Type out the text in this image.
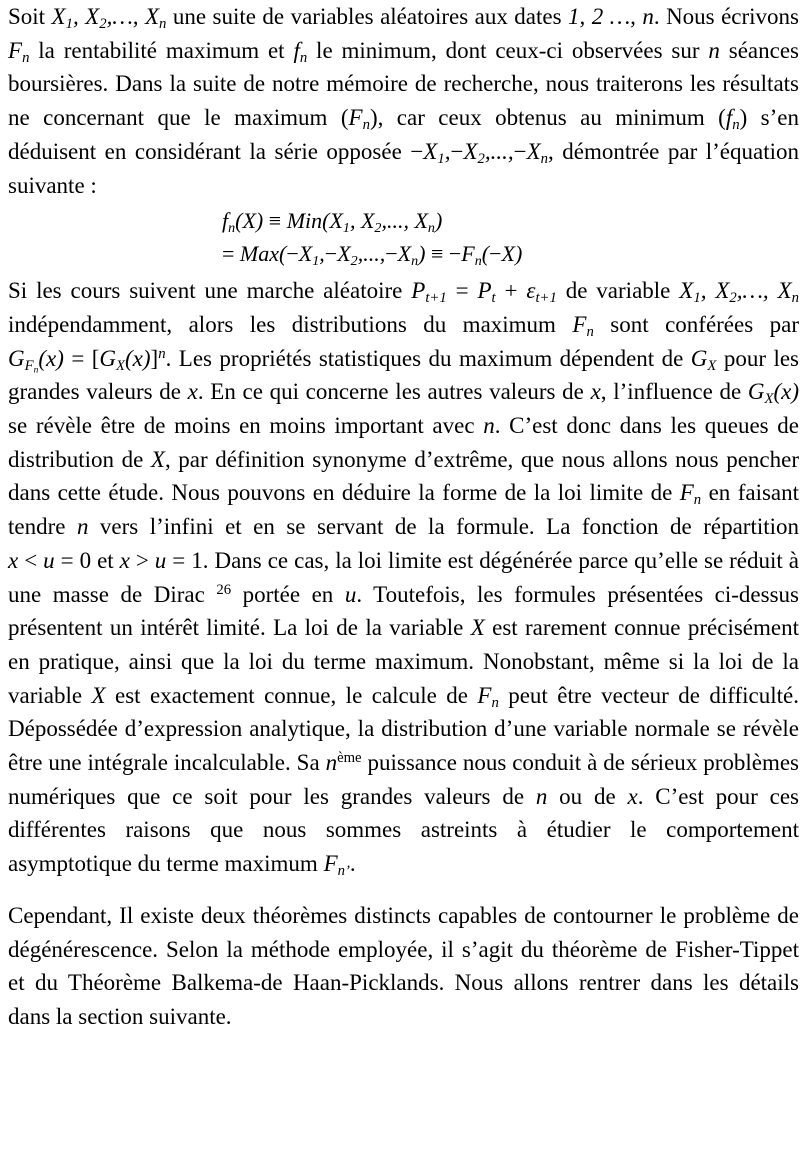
Soit $X_1$, $X_2,\dots$, $X_n$ une suite de variables aléatoires aux dates 1, 2 …, n. Nous écrivons $F_n$ la rentabilité maximum et $f_n$ le minimum, dont ceux-ci observées sur n séances boursières. Dans la suite de notre mémoire de recherche, nous traiterons les résultats ne concernant que le maximum $(F_n)$, car ceux obtenus au minimum $(f_n)$ s’en déduisent en considérant la série opposée $-X_1,-X_2,...,-X_n$, démontrée par l’équation suivante :

$f_n(X) \equiv Min(X_1$, $X_2$,..., $X_n$)
= $Max(-X_1,-X_2,...,-X_n) \equiv -F_n(-X)$

Si les cours suivent une marche aléatoire $P_{t+1} = P_t + \varepsilon_{t+1}$ de variable $X_1$, $X_2,\dots$, $X_n$ indépendamment, alors les distributions du maximum $F_n$ sont conférées par $G_{F_n}(x) = [G_X(x)]^n$. Les propriétés statistiques du maximum dépendent de $G_X$ pour les grandes valeurs de x. En ce qui concerne les autres valeurs de x, l’influence de $G_X(x)$ se révèle être de moins en moins important avec n. C’est donc dans les queues de distribution de X, par définition synonyme d’extrême, que nous allons nous pencher dans cette étude. Nous pouvons en déduire la forme de la loi limite de $F_n$ en faisant tendre n vers l’infini et en se servant de la formule. La fonction de répartition x < u = 0 et x > u = 1. Dans ce cas, la loi limite est dégénérée parce qu’elle se réduit à une masse de Dirac $^{26}$ portée en u. Toutefois, les formules présentées ci-dessus présentent un intérêt limité. La loi de la variable X est rarement connue précisément en pratique, ainsi que la loi du terme maximum. Nonobstant, même si la loi de la variable X est exactement connue, le calcule de $F_n$ peut être vecteur de difficulté. Dépossédée d’expression analytique, la distribution d’une variable normale se révèle être une intégrale incalculable. Sa $n^{ème}$ puissance nous conduit à de sérieux problèmes numériques que ce soit pour les grandes valeurs de n ou de x. C’est pour ces différentes raisons que nous sommes astreints à étudier le comportement asymptotique du terme maximum $F_{n’}$.

Cependant, Il existe deux théorèmes distincts capables de contourner le problème de dégénérescence. Selon la méthode employée, il s’agit du théorème de Fisher-Tippet et du Théorème Balkema-de Haan-Picklands. Nous allons rentrer dans les détails dans la section suivante.
